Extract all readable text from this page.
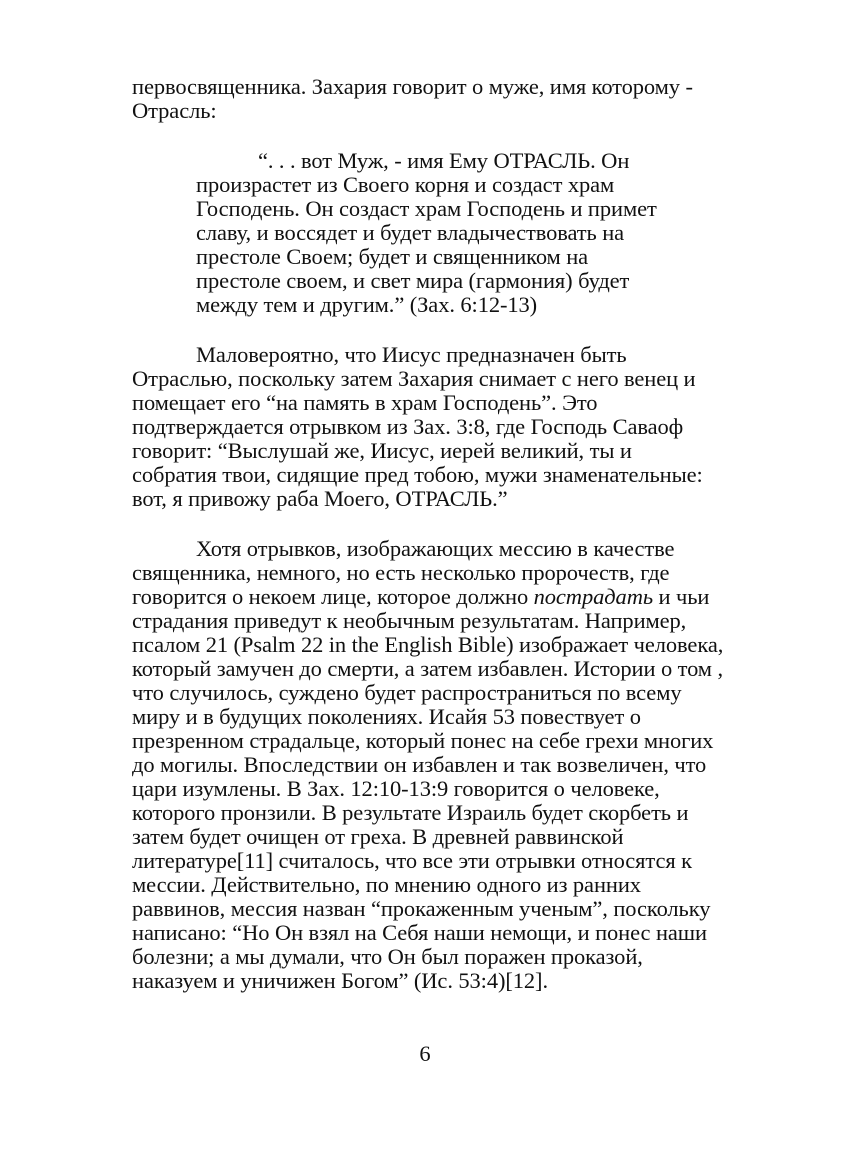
первосвященника. Захария говорит о муже, имя которому -
Отрасль:
“. . . вот Муж, - имя Ему ОТРАСЛЬ. Он
произрастет из Своего корня и создаст храм
Господень. Он создаст храм Господень и примет
славу, и воссядет и будет владычествовать на
престоле Своем; будет и священником на
престоле своем, и свет мира (гармония) будет
между тем и другим.” (Зах. 6:12-13)
Маловероятно, что Иисус предназначен быть
Отраслью, поскольку затем Захария снимает с него венец и
помещает его “на память в храм Господень”. Это
подтверждается отрывком из Зах. 3:8, где Господь Саваоф
говорит: “Выслушай же, Иисус, иерей великий, ты и
собратия твои, сидящие пред тобою, мужи знаменательные:
вот, я привожу раба Моего, ОТРАСЛЬ.”
Хотя отрывков, изображающих мессию в качестве
священника, немного, но есть несколько пророчеств, где
говорится о некоем лице, которое должно пострадать и чьи
страдания приведут к необычным результатам. Например,
псалом 21 (Psalm 22 in the English Bible) изображает человека,
который замучен до смерти, а затем избавлен. Истории о том ,
что случилось, суждено будет распространиться по всему
миру и в будущих поколениях. Исайя 53 повествует о
презренном страдальце, который понес на себе грехи многих
до могилы. Впоследствии он избавлен и так возвеличен, что
цари изумлены. В Зах. 12:10-13:9 говорится о человеке,
которого пронзили. В результате Израиль будет скорбеть и
затем будет очищен от греха. В древней раввинской
литературе[11] считалось, что все эти отрывки относятся к
мессии. Действительно, по мнению одного из ранних
раввинов, мессия назван “прокаженным ученым”, поскольку
написано: “Но Он взял на Себя наши немощи, и понес наши
болезни; а мы думали, что Он был поражен проказой,
наказуем и уничижен Богом” (Ис. 53:4)[12].
6
